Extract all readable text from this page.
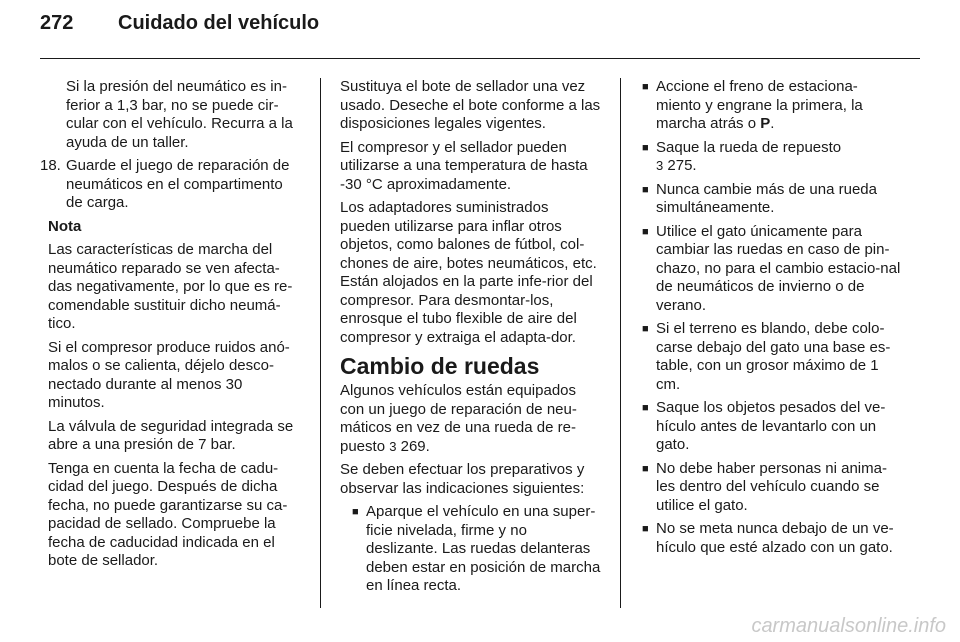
272 Cuidado del vehículo

Si la presión del neumático es in-ferior a 1,3 bar, no se puede cir-cular con el vehículo. Recurra a la ayuda de un taller.

18. Guarde el juego de reparación de neumáticos en el compartimento de carga.

Nota

Las características de marcha del neumático reparado se ven afecta-das negativamente, por lo que es re-comendable sustituir dicho neumá-tico.

Si el compresor produce ruidos anó-malos o se calienta, déjelo desco-nectado durante al menos 30 minutos.

La válvula de seguridad integrada se abre a una presión de 7 bar.

Tenga en cuenta la fecha de cadu-cidad del juego. Después de dicha fecha, no puede garantizarse su ca-pacidad de sellado. Compruebe la fecha de caducidad indicada en el bote de sellador.

Sustituya el bote de sellador una vez usado. Deseche el bote conforme a las disposiciones legales vigentes.

El compresor y el sellador pueden utilizarse a una temperatura de hasta -30 °C aproximadamente.

Los adaptadores suministrados pueden utilizarse para inflar otros objetos, como balones de fútbol, col-chones de aire, botes neumáticos, etc. Están alojados en la parte infe-rior del compresor. Para desmontar-los, enrosque el tubo flexible de aire del compresor y extraiga el adapta-dor.

Cambio de ruedas

Algunos vehículos están equipados con un juego de reparación de neu-máticos en vez de una rueda de re-puesto 3 269.

Se deben efectuar los preparativos y observar las indicaciones siguientes:

■ Aparque el vehículo en una super-ficie nivelada, firme y no deslizante. Las ruedas delanteras deben estar en posición de marcha en línea recta.
■ Accione el freno de estaciona-miento y engrane la primera, la marcha atrás o P.
■ Saque la rueda de repuesto
3 275.
■ Nunca cambie más de una rueda simultáneamente.
■ Utilice el gato únicamente para cambiar las ruedas en caso de pin-chazo, no para el cambio estacio-nal de neumáticos de invierno o de verano.
■ Si el terreno es blando, debe colo-carse debajo del gato una base es-table, con un grosor máximo de 1 cm.
■ Saque los objetos pesados del ve-hículo antes de levantarlo con un gato.
■ No debe haber personas ni anima-les dentro del vehículo cuando se utilice el gato.
■ No se meta nunca debajo de un ve-hículo que esté alzado con un gato.
carmanualsonline.info
